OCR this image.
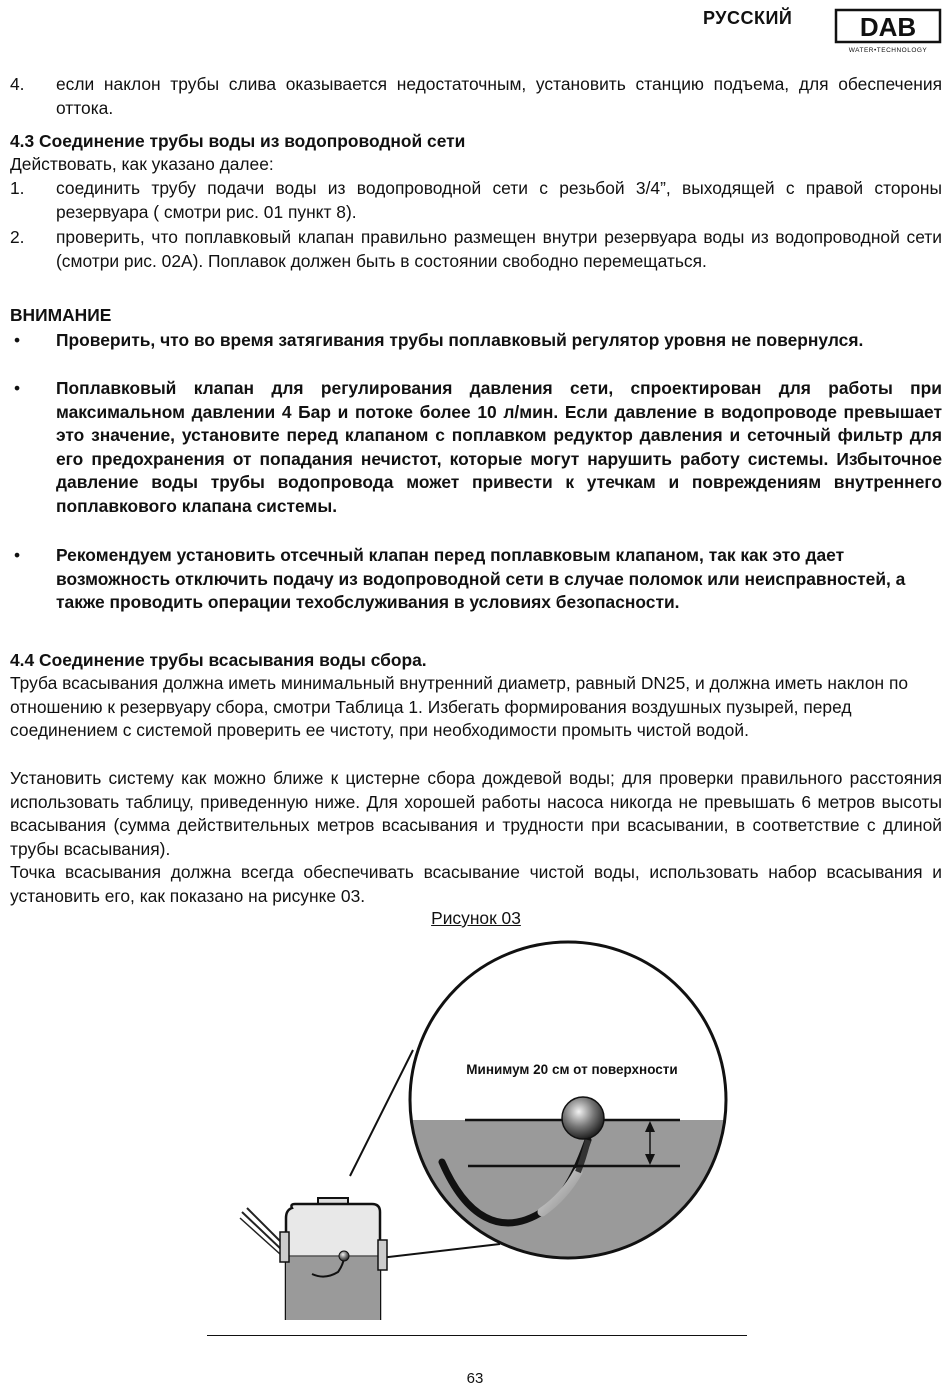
РУССКИЙ	DAB
WATER•TECHNOLOGY
4. если наклон трубы слива оказывается недостаточным, установить станцию подъема, для обеспечения оттока.
4.3 Соединение трубы воды из водопроводной сети
Действовать, как указано далее:
1. соединить трубу подачи воды из водопроводной сети с резьбой 3/4”, выходящей с правой стороны резервуара ( смотри рис. 01 пункт 8).
2. проверить, что поплавковый клапан правильно размещен внутри резервуара воды из водопроводной сети (смотри рис. 02A). Поплавок должен быть в состоянии свободно перемещаться.
ВНИМАНИЕ
• Проверить, что во время затягивания трубы поплавковый регулятор уровня не повернулся.
• Поплавковый клапан для регулирования давления сети, спроектирован для работы при максимальном давлении 4 Бар и потоке более 10 л/мин. Если давление в водопроводе превышает это значение, установите перед клапаном с поплавком редуктор давления и сеточный фильтр для его предохранения от попадания нечистот, которые могут нарушить работу системы. Избыточное давление воды трубы водопровода может привести к утечкам и повреждениям внутреннего поплавкового клапана системы.
• Рекомендуем установить отсечный клапан перед поплавковым клапаном, так как это дает возможность отключить подачу из водопроводной сети в случае поломок или неисправностей, а также проводить операции техобслуживания в условиях безопасности.
4.4 Соединение трубы всасывания воды сбора.
Труба всасывания должна иметь минимальный внутренний диаметр, равный DN25, и должна иметь наклон по отношению к резервуару сбора, смотри Таблица 1. Избегать формирования воздушных пузырей, перед соединением с системой проверить ее чистоту, при необходимости промыть чистой водой.
Установить систему как можно ближе к цистерне сбора дождевой воды; для проверки правильного расстояния использовать таблицу, приведенную ниже. Для хорошей работы насоса никогда не превышать 6 метров высоты всасывания (сумма действительных метров всасывания и трудности при всасывании, в соответствие с длиной трубы всасывания).
Точка всасывания должна всегда обеспечивать всасывание чистой воды, использовать набор всасывания и установить его, как показано на рисунке 03.
Рисунок 03
Минимум 20 см от поверхности
63
